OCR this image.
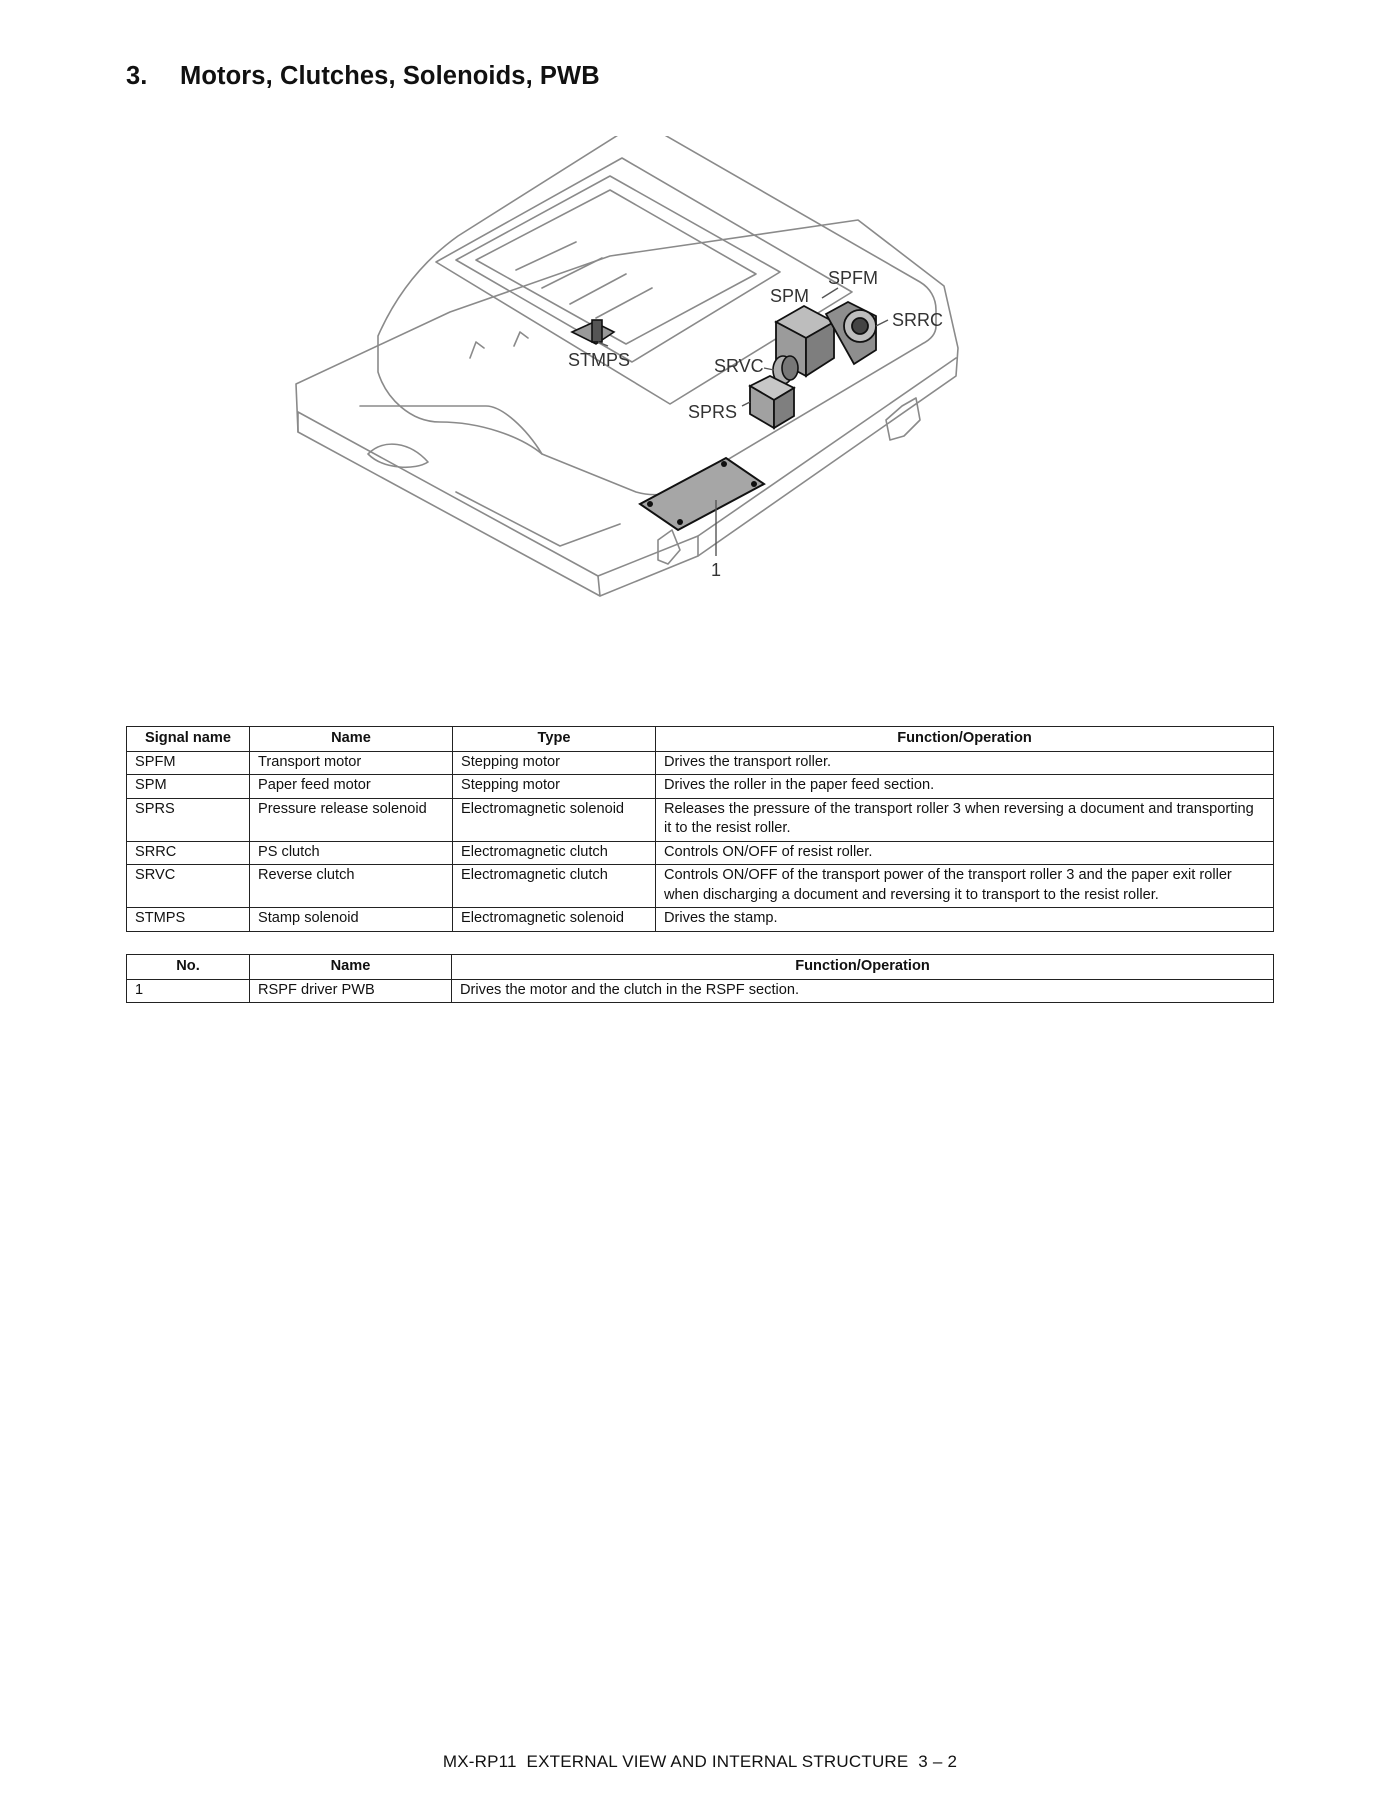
3. Motors, Clutches, Solenoids, PWB
SPFM
SPM
SRRC
STMPS	SRVC
SPRS
1
Signal name	Name	Type	Function/Operation
SPFM	Transport motor	Stepping motor	Drives the transport roller.
SPM	Paper feed motor	Stepping motor	Drives the roller in the paper feed section.
SPRS	Pressure release solenoid	Electromagnetic solenoid	Releases the pressure of the transport roller 3 when reversing a document and transporting it to the resist roller.
SRRC	PS clutch	Electromagnetic clutch	Controls ON/OFF of resist roller.
SRVC	Reverse clutch	Electromagnetic clutch	Controls ON/OFF of the transport power of the transport roller 3 and the paper exit roller when discharging a document and reversing it to transport to the resist roller.
STMPS	Stamp solenoid	Electromagnetic solenoid	Drives the stamp.
No.	Name	Function/Operation
1	RSPF driver PWB	Drives the motor and the clutch in the RSPF section.
MX-RP11  EXTERNAL VIEW AND INTERNAL STRUCTURE  3 – 2
